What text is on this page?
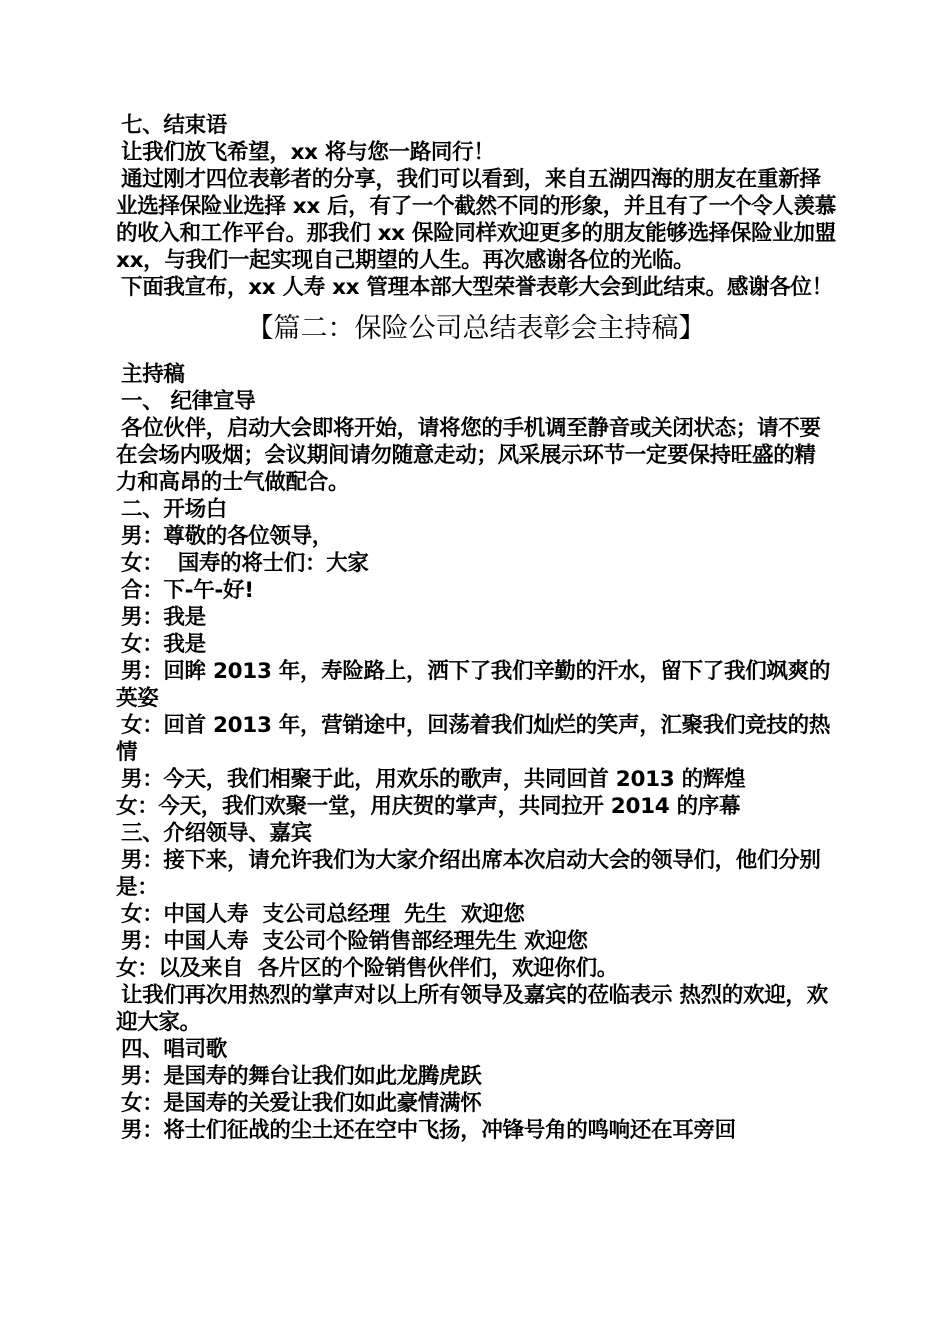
七、结束语

让我们放飞希望，xx 将与您一路同行！

通过刚才四位表彰者的分享，我们可以看到，来自五湖四海的朋友在重新择业选择保险业选择 xx 后，有了一个截然不同的形象，并且有了一个令人羡慕的收入和工作平台。那我们 xx 保险同样欢迎更多的朋友能够选择保险业加盟 xx，与我们一起实现自己期望的人生。再次感谢各位的光临。

下面我宣布，xx 人寿 xx 管理本部大型荣誉表彰大会到此结束。感谢各位！

【篇二：保险公司总结表彰会主持稿】

主持稿

一、 纪律宣导

各位伙伴，启动大会即将开始，请将您的手机调至静音或关闭状态；请不要在会场内吸烟；会议期间请勿随意走动；风采展示环节一定要保持旺盛的精力和高昂的士气做配合。

二、开场白

男：尊敬的各位领导，

女：  国寿的将士们：大家

合：下-午-好!

男：我是

女：我是

男：回眸 2013 年，寿险路上，洒下了我们辛勤的汗水，留下了我们飒爽的英姿

女：回首 2013 年，营销途中，回荡着我们灿烂的笑声，汇聚我们竞技的热情

男：今天，我们相聚于此，用欢乐的歌声，共同回首 2013 的辉煌

女：今天，我们欢聚一堂，用庆贺的掌声，共同拉开 2014 的序幕

三、介绍领导、嘉宾

男：接下来，请允许我们为大家介绍出席本次启动大会的领导们，他们分别是：

女：中国人寿  支公司总经理  先生  欢迎您

男：中国人寿  支公司个险销售部经理先生 欢迎您

女：以及来自  各片区的个险销售伙伴们，欢迎你们。

让我们再次用热烈的掌声对以上所有领导及嘉宾的莅临表示 热烈的欢迎，欢迎大家。

四、唱司歌

男：是国寿的舞台让我们如此龙腾虎跃

女：是国寿的关爱让我们如此豪情满怀

男：将士们征战的尘土还在空中飞扬，冲锋号角的鸣响还在耳旁回
